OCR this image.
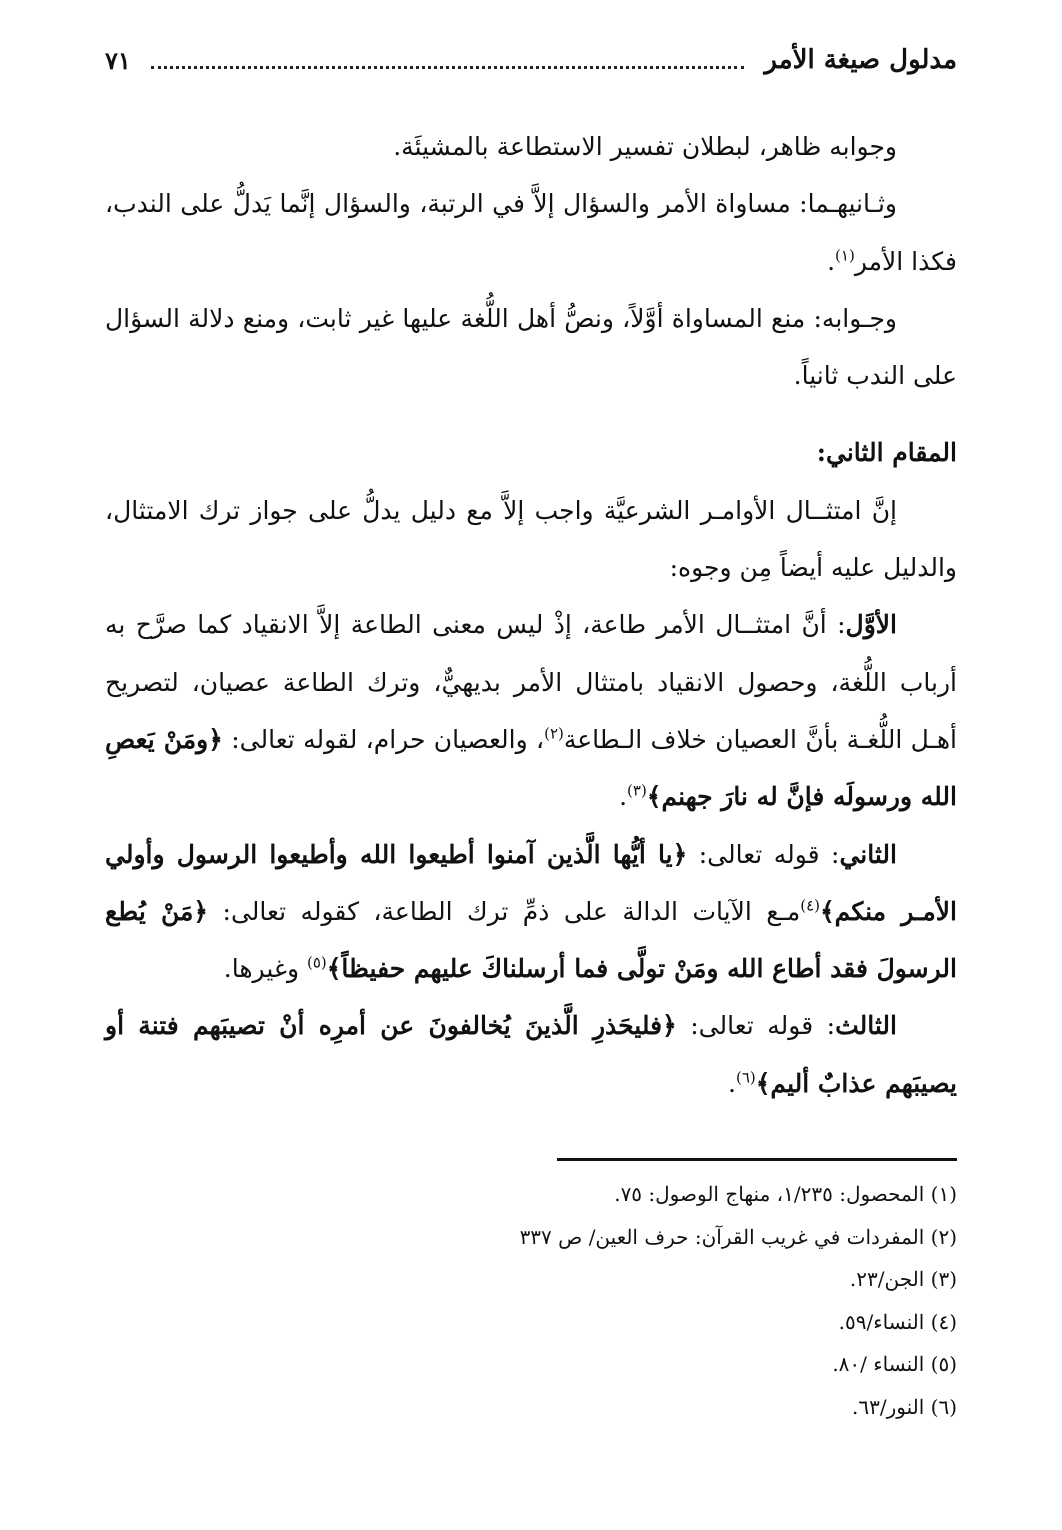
مدلول صيغة الأمر
٧١

وجوابه ظاهر، لبطلان تفسير الاستطاعة بالمشيئَة.

وثـانيهـما: مساواة الأمر والسؤال إلاَّ في الرتبة، والسؤال إنَّما يَدلُّ على الندب، فكذا الأمر$^{(١)}$.

وجـوابه: منع المساواة أوَّلاً، ونصُّ أهل اللُّغة عليها غير ثابت، ومنع دلالة السؤال على الندب ثانياً.

المقام الثاني:

إنَّ امتثــال الأوامـر الشرعيَّة واجب إلاَّ مع دليل يدلُّ على جواز ترك الامتثال، والدليل عليه أيضاً مِن وجوه:

الأوَّل: أنَّ امتثــال الأمر طاعة، إذْ ليس معنى الطاعة إلاَّ الانقياد كما صرَّح به أرباب اللُّغة، وحصول الانقياد بامتثال الأمر بديهيٌّ، وترك الطاعة عصيان، لتصريح أهـل اللُّغـة بأنَّ العصيان خلاف الـطاعة$^{(٢)}$، والعصيان حرام، لقوله تعالى: ﴿ومَنْ يَعصِ الله ورسولَه فإنَّ له نارَ جهنم﴾$^{(٣)}$.

الثاني: قوله تعالى: ﴿يا أيُّها الَّذين آمنوا أطيعوا الله وأطيعوا الرسول وأولي الأمـر منكم﴾$^{(٤)}$مـع الآيات الدالة على ذمِّ ترك الطاعة، كقوله تعالى: ﴿مَنْ يُطع الرسولَ فقد أطاع الله ومَنْ تولَّى فما أرسلناكَ عليهم حفيظاً﴾$^{(٥)}$ وغيرها.

الثالث: قوله تعالى: ﴿فليحَذرِ الَّذينَ يُخالفونَ عن أمرِه أنْ تصيبَهم فتنة أو يصيبَهم عذابٌ أليم﴾$^{(٦)}$.

(١) المحصول: ١/٢٣٥، منهاج الوصول: ٧٥.
(٢) المفردات في غريب القرآن: حرف العين/ ص ٣٣٧
(٣) الجن/٢٣.
(٤) النساء/٥٩.
(٥) النساء /٨٠.
(٦) النور/٦٣.
